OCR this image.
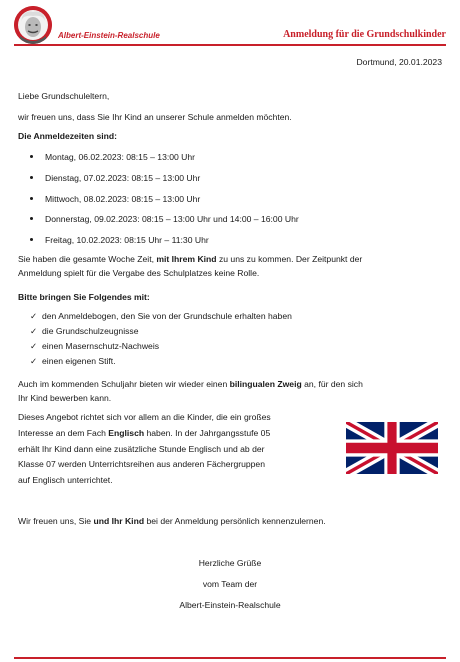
Albert-Einstein-Realschule	Anmeldung für die Grundschulkinder
Dortmund, 20.01.2023
Liebe Grundschuleltern,
wir freuen uns, dass Sie Ihr Kind an unserer Schule anmelden möchten.
Die Anmeldezeiten sind:
Montag, 06.02.2023: 08:15 – 13:00 Uhr
Dienstag, 07.02.2023: 08:15 – 13:00 Uhr
Mittwoch, 08.02.2023: 08:15 – 13:00 Uhr
Donnerstag, 09.02.2023: 08:15 – 13:00 Uhr und 14:00 – 16:00 Uhr
Freitag, 10.02.2023: 08:15 Uhr – 11:30 Uhr
Sie haben die gesamte Woche Zeit, mit Ihrem Kind zu uns zu kommen. Der Zeitpunkt der
Anmeldung spielt für die Vergabe des Schulplatzes keine Rolle.
Bitte bringen Sie Folgendes mit:
✓ den Anmeldebogen, den Sie von der Grundschule erhalten haben
✓ die Grundschulzeugnisse
✓ einen Masernschutz-Nachweis
✓ einen eigenen Stift.
Auch im kommenden Schuljahr bieten wir wieder einen bilingualen Zweig an, für den sich
Ihr Kind bewerben kann.
Dieses Angebot richtet sich vor allem an die Kinder, die ein großes
Interesse an dem Fach Englisch haben. In der Jahrgangsstufe 05
erhält Ihr Kind dann eine zusätzliche Stunde Englisch und ab der
Klasse 07 werden Unterrichtsreihen aus anderen Fächergruppen
auf Englisch unterrichtet.
Wir freuen uns, Sie und Ihr Kind bei der Anmeldung persönlich kennenzulernen.
Herzliche Grüße
vom Team der
Albert-Einstein-Realschule
